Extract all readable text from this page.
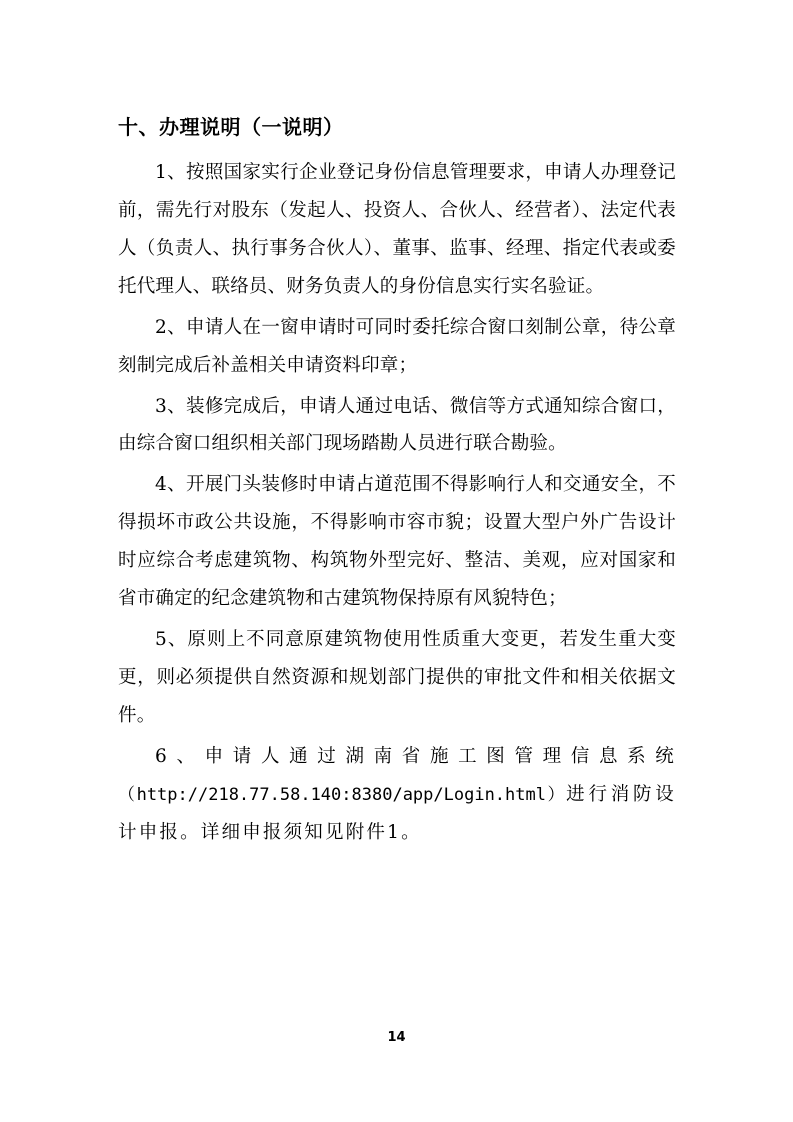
十、办理说明（一说明）

1、按照国家实行企业登记身份信息管理要求，申请人办理登记前，需先行对股东（发起人、投资人、合伙人、经营者）、法定代表人（负责人、执行事务合伙人）、董事、监事、经理、指定代表或委托代理人、联络员、财务负责人的身份信息实行实名验证。

2、申请人在一窗申请时可同时委托综合窗口刻制公章，待公章刻制完成后补盖相关申请资料印章；

3、装修完成后，申请人通过电话、微信等方式通知综合窗口，由综合窗口组织相关部门现场踏勘人员进行联合勘验。

4、开展门头装修时申请占道范围不得影响行人和交通安全，不得损坏市政公共设施，不得影响市容市貌；设置大型户外广告设计时应综合考虑建筑物、构筑物外型完好、整洁、美观，应对国家和省市确定的纪念建筑物和古建筑物保持原有风貌特色；

5、原则上不同意原建筑物使用性质重大变更，若发生重大变更，则必须提供自然资源和规划部门提供的审批文件和相关依据文件。

6、申请人通过湖南省施工图管理信息系统（http://218.77.58.140:8380/app/Login.html）进行消防设计申报。详细申报须知见附件1。

14
